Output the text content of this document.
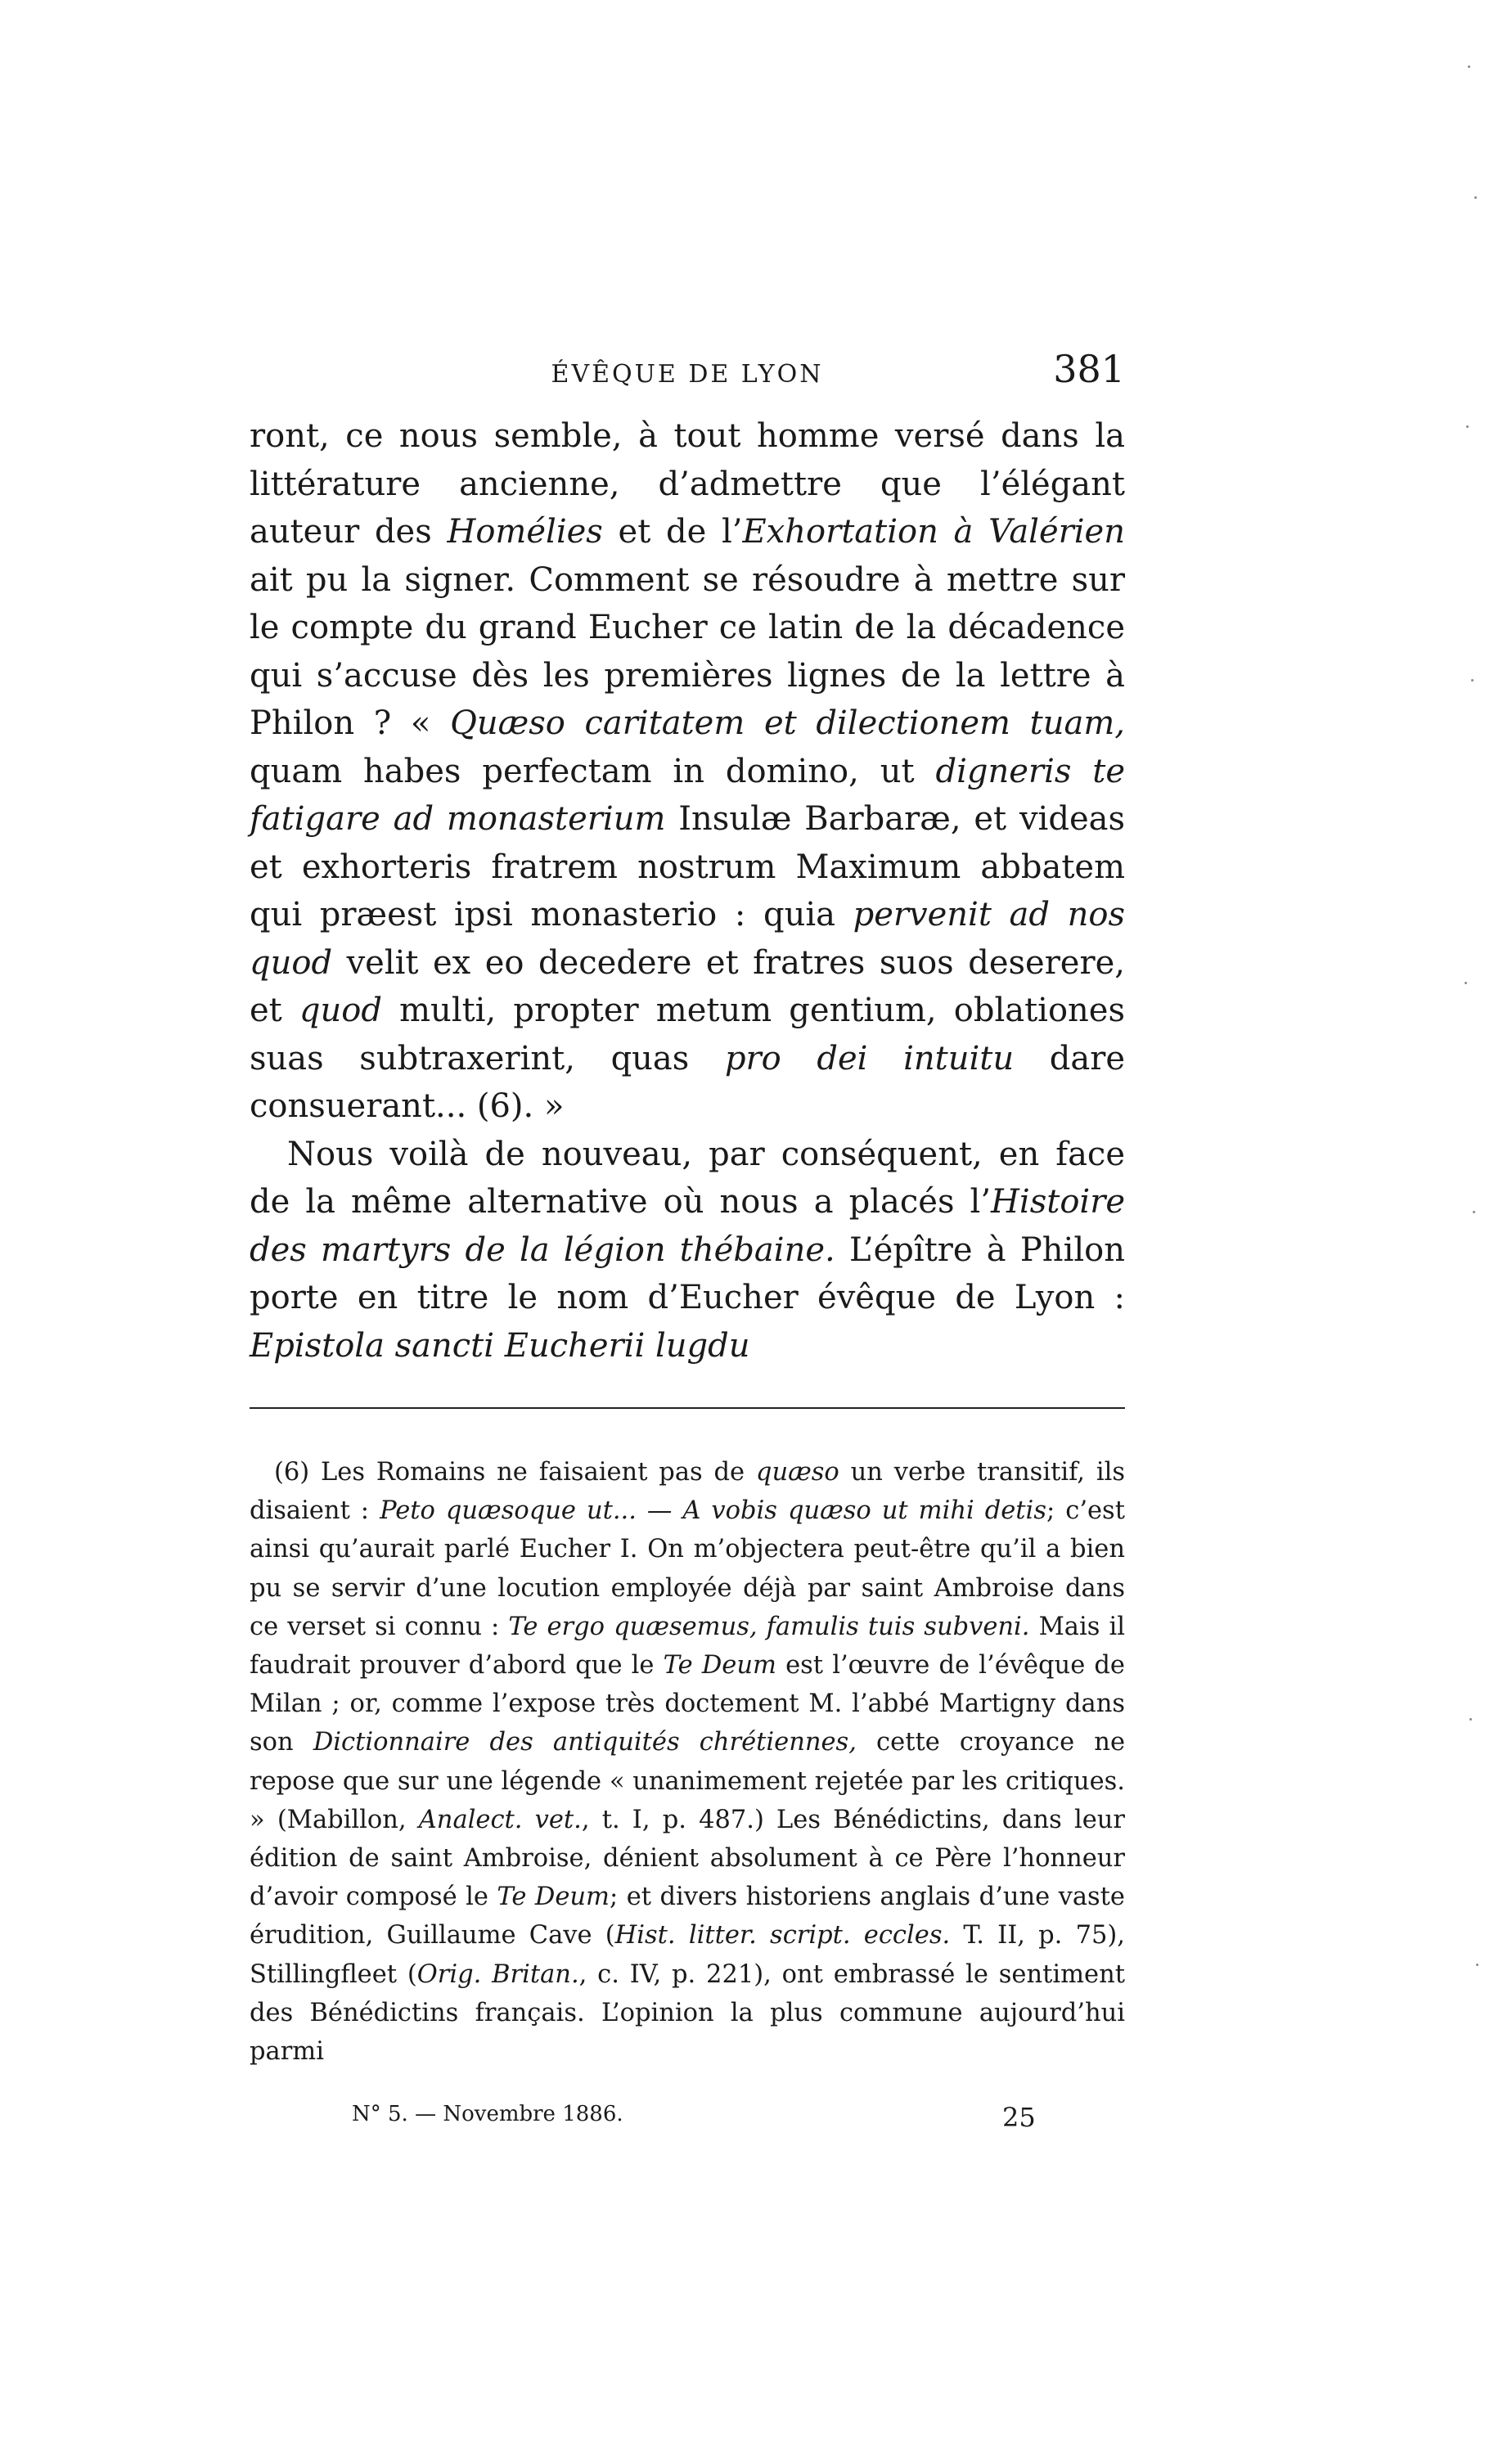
ÉVÊQUE DE LYON	381

ront, ce nous semble, à tout homme versé dans la littérature ancienne, d’admettre que l’élégant auteur des Homélies et de l’Exhortation à Valérien ait pu la signer. Comment se résoudre à mettre sur le compte du grand Eucher ce latin de la décadence qui s’accuse dès les premières lignes de la lettre à Philon ? « Quæso caritatem et dilectionem tuam, quam habes perfectam in domino, ut digneris te fatigare ad monasterium Insulæ Barbaræ, et videas et exhorteris fratrem nostrum Maximum abbatem qui præest ipsi monasterio : quia pervenit ad nos quod velit ex eo decedere et fratres suos deserere, et quod multi, propter metum gentium, oblationes suas subtraxerint, quas pro dei intuitu dare consuerant... (6). »

Nous voilà de nouveau, par conséquent, en face de la même alternative où nous a placés l’Histoire des martyrs de la légion thébaine. L’épître à Philon porte en titre le nom d’Eucher évêque de Lyon : Epistola sancti Eucherii lugdu

(6) Les Romains ne faisaient pas de quæso un verbe transitif, ils disaient : Peto quæsoque ut... — A vobis quæso ut mihi detis; c’est ainsi qu’aurait parlé Eucher I. On m’objectera peut-être qu’il a bien pu se servir d’une locution employée déjà par saint Ambroise dans ce verset si connu : Te ergo quæsemus, famulis tuis subveni. Mais il faudrait prouver d’abord que le Te Deum est l’œuvre de l’évêque de Milan ; or, comme l’expose très doctement M. l’abbé Martigny dans son Dictionnaire des antiquités chrétiennes, cette croyance ne repose que sur une légende « unanimement rejetée par les critiques. » (Mabillon, Analect. vet., t. I, p. 487.) Les Bénédictins, dans leur édition de saint Ambroise, dénient absolument à ce Père l’honneur d’avoir composé le Te Deum; et divers historiens anglais d’une vaste érudition, Guillaume Cave (Hist. litter. script. eccles. T. II, p. 75), Stillingfleet (Orig. Britan., c. IV, p. 221), ont embrassé le sentiment des Bénédictins français. L’opinion la plus commune aujourd’hui parmi
N° 5. — Novembre 1886.	25
